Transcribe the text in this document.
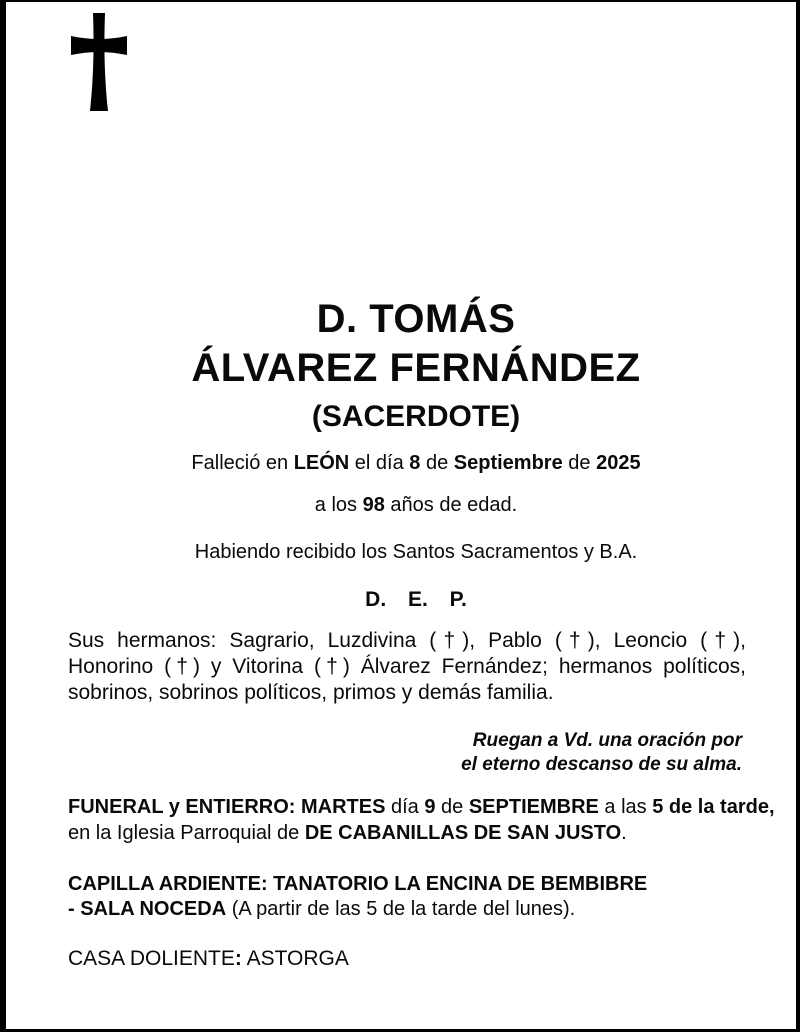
D. TOMÁS
ÁLVAREZ FERNÁNDEZ
(SACERDOTE)
Falleció en LEÓN el día 8 de Septiembre de 2025
a los 98 años de edad.
Habiendo recibido los Santos Sacramentos y B.A.
D. E. P.
Sus hermanos: Sagrario, Luzdivina (†), Pablo (†), Leoncio (†),
Honorino (†) y Vitorina (†) Álvarez Fernández; hermanos políticos,
sobrinos, sobrinos políticos, primos y demás familia.
Ruegan a Vd. una oración por
el eterno descanso de su alma.
FUNERAL y ENTIERRO: MARTES día 9 de SEPTIEMBRE a las 5 de la tarde,
en la Iglesia Parroquial de DE CABANILLAS DE SAN JUSTO.
CAPILLA ARDIENTE: TANATORIO LA ENCINA DE BEMBIBRE
- SALA NOCEDA (A partir de las 5 de la tarde del lunes).
CASA DOLIENTE: ASTORGA
